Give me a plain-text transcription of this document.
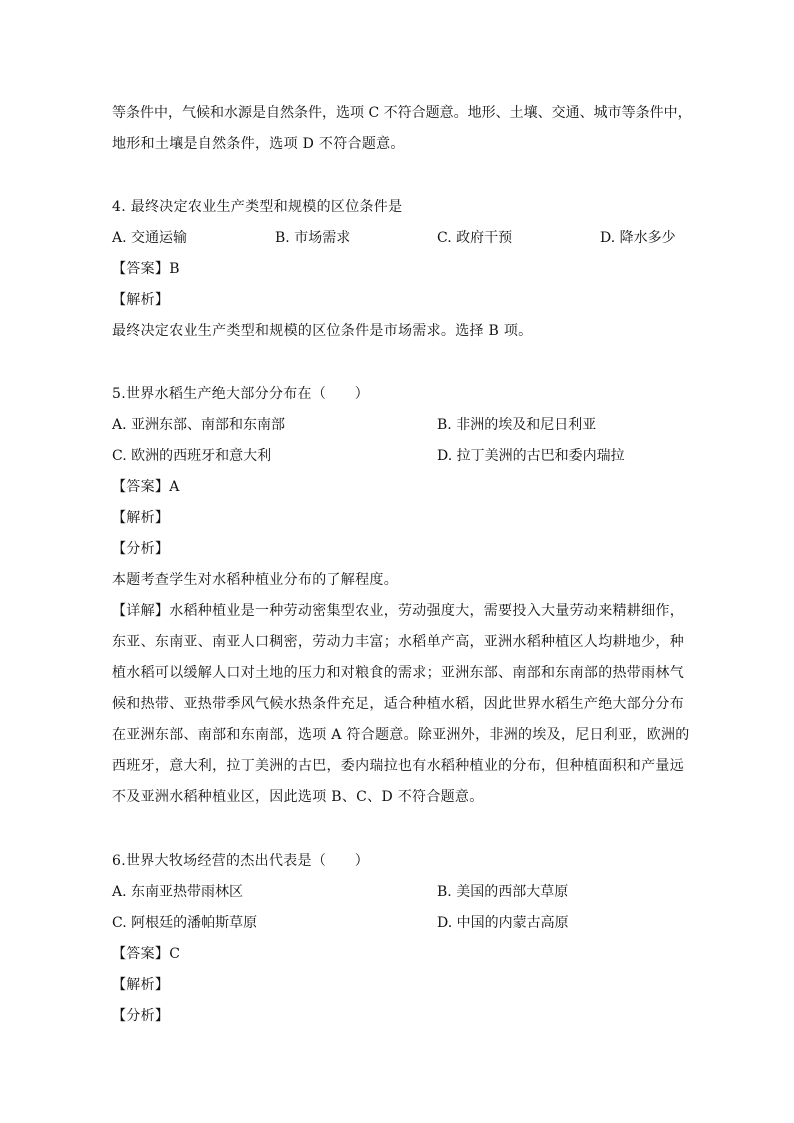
等条件中，气候和水源是自然条件，选项 C 不符合题意。地形、土壤、交通、城市等条件中，
地形和土壤是自然条件，选项 D 不符合题意。
4. 最终决定农业生产类型和规模的区位条件是
A. 交通运输	B. 市场需求	C. 政府干预	D. 降水多少
【答案】B
【解析】
最终决定农业生产类型和规模的区位条件是市场需求。选择 B 项。
5.世界水稻生产绝大部分分布在（　　）
A. 亚洲东部、南部和东南部	B. 非洲的埃及和尼日利亚
C. 欧洲的西班牙和意大利	D. 拉丁美洲的古巴和委内瑞拉
【答案】A
【解析】
【分析】
本题考查学生对水稻种植业分布的了解程度。
【详解】水稻种植业是一种劳动密集型农业，劳动强度大，需要投入大量劳动来精耕细作，
东亚、东南亚、南亚人口稠密，劳动力丰富；水稻单产高，亚洲水稻种植区人均耕地少，种
植水稻可以缓解人口对土地的压力和对粮食的需求；亚洲东部、南部和东南部的热带雨林气
候和热带、亚热带季风气候水热条件充足，适合种植水稻，因此世界水稻生产绝大部分分布
在亚洲东部、南部和东南部，选项 A 符合题意。除亚洲外，非洲的埃及，尼日利亚，欧洲的
西班牙，意大利，拉丁美洲的古巴，委内瑞拉也有水稻种植业的分布，但种植面积和产量远
不及亚洲水稻种植业区，因此选项 B、C、D 不符合题意。
6.世界大牧场经营的杰出代表是（　　）
A. 东南亚热带雨林区	B. 美国的西部大草原
C. 阿根廷的潘帕斯草原	D. 中国的内蒙古高原
【答案】C
【解析】
【分析】
